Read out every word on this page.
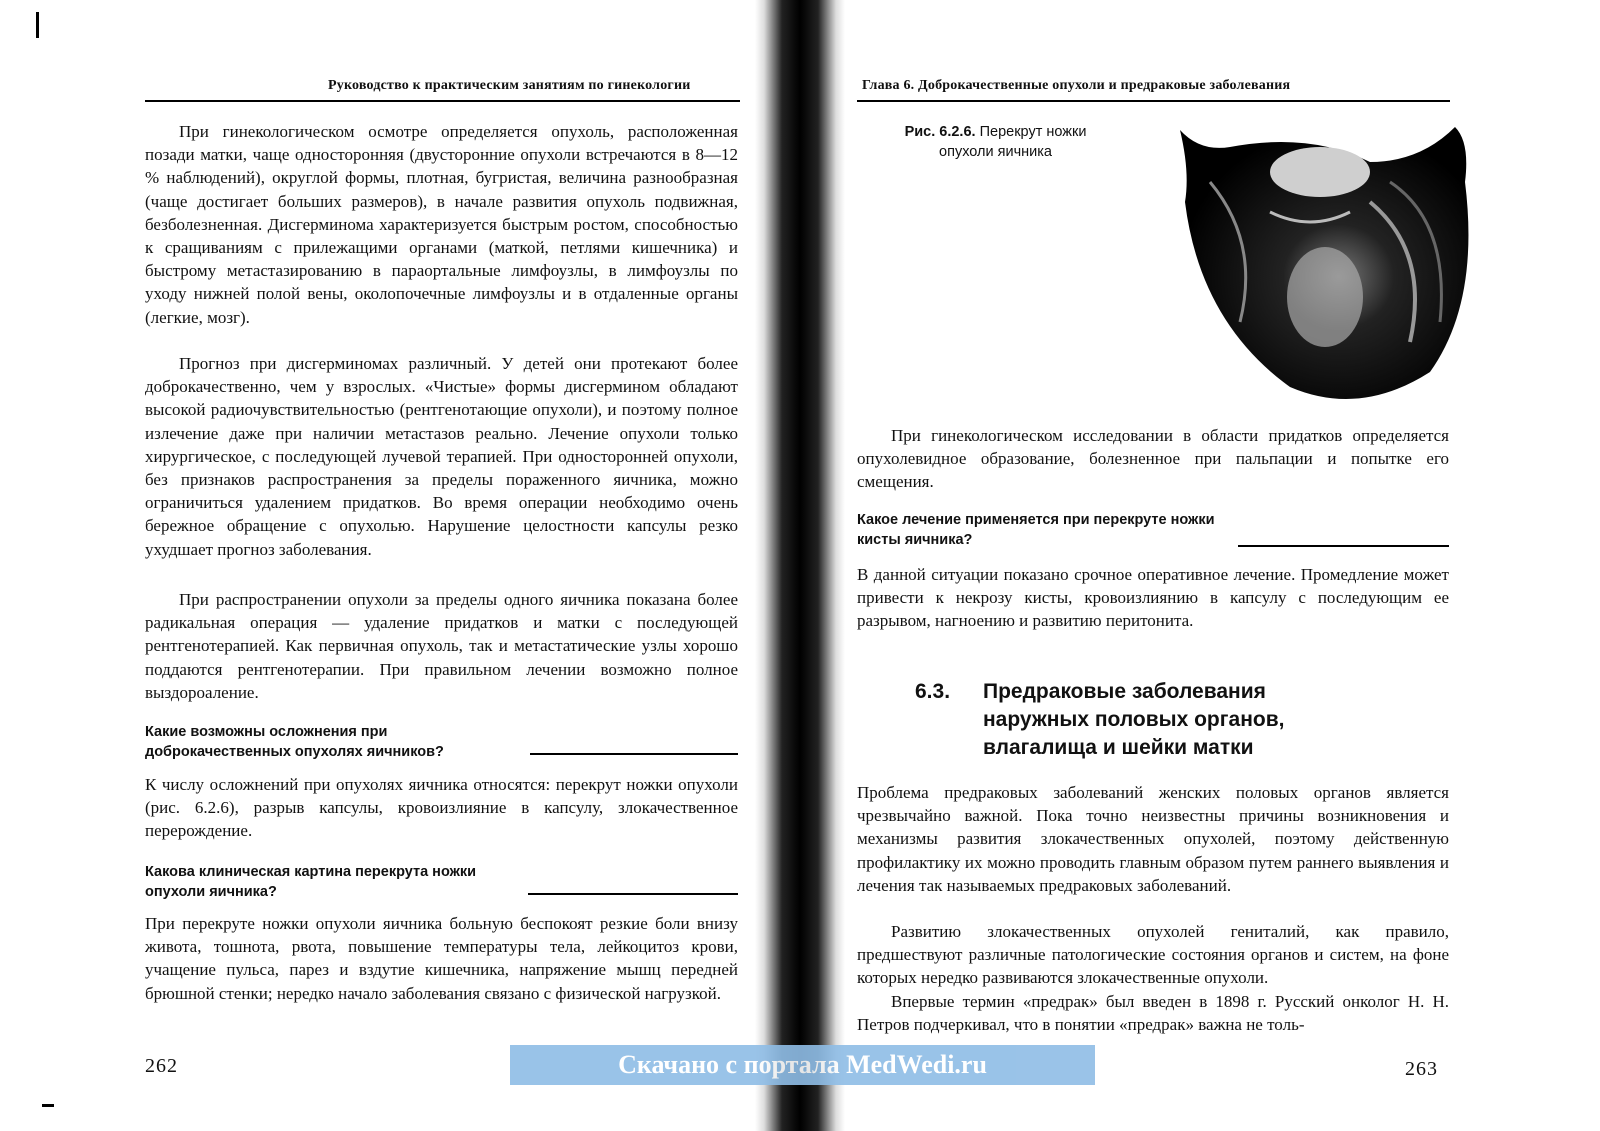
Руководство к практическим занятиям по гинекологии

При гинекологическом осмотре определяется опухоль, расположенная позади матки, чаще односторонняя (двусторонние опухоли встречаются в 8—12 % наблюдений), округлой формы, плотная, бугристая, величина разнообразная (чаще достигает больших размеров), в начале развития опухоль подвижная, безболезненная. Дисгерминома характеризуется быстрым ростом, способностью к сращиваниям с прилежащими органами (маткой, петлями кишечника) и быстрому метастазированию в параортальные лимфоузлы, в лимфоузлы по уходу нижней полой вены, околопочечные лимфоузлы и в отдаленные органы (легкие, мозг).

Прогноз при дисгерминомах различный. У детей они протекают более доброкачественно, чем у взрослых. «Чистые» формы дисгермином обладают высокой радиочувствительностью (рентгенотающие опухоли), и поэтому полное излечение даже при наличии метастазов реально. Лечение опухоли только хирургическое, с последующей лучевой терапией. При односторонней опухоли, без признаков распространения за пределы пораженного яичника, можно ограничиться удалением придатков. Во время операции необходимо очень бережное обращение с опухолью. Нарушение целостности капсулы резко ухудшает прогноз заболевания.

При распространении опухоли за пределы одного яичника показана более радикальная операция — удаление придатков и матки с последующей рентгенотерапией. Как первичная опухоль, так и метастатические узлы хорошо поддаются рентгенотерапии. При правильном лечении возможно полное выздороаление.

Какие возможны осложнения при доброкачественных опухолях яичников?

К числу осложнений при опухолях яичника относятся: перекрут ножки опухоли (рис. 6.2.6), разрыв капсулы, кровоизлияние в капсулу, злокачественное перерождение.

Какова клиническая картина перекрута ножки опухоли яичника?

При перекруте ножки опухоли яичника больную беспокоят резкие боли внизу живота, тошнота, рвота, повышение температуры тела, лейкоцитоз крови, учащение пульса, парез и вздутие кишечника, напряжение мышц передней брюшной стенки; нередко начало заболевания связано с физической нагрузкой.

262
Глава 6. Доброкачественные опухоли и предраковые заболевания
Рис. 6.2.6. Перекрут ножки опухоли яичника

При гинекологическом исследовании в области придатков определяется опухолевидное образование, болезненное при пальпации и попытке его смещения.

Какое лечение применяется при перекруте ножки кисты яичника?

В данной ситуации показано срочное оперативное лечение. Промедление может привести к некрозу кисты, кровоизлиянию в капсулу с последующим ее разрывом, нагноению и развитию перитонита.

6.3. Предраковые заболевания наружных половых органов, влагалища и шейки матки

Проблема предраковых заболеваний женских половых органов является чрезвычайно важной. Пока точно неизвестны причины возникновения и механизмы развития злокачественных опухолей, поэтому действенную профилактику их можно проводить главным образом путем раннего выявления и лечения так называемых предраковых заболеваний.

Развитию злокачественных опухолей гениталий, как правило, предшествуют различные патологические состояния органов и систем, на фоне которых нередко развиваются злокачественные опухоли.

Впервые термин «предрак» был введен в 1898 г. Русский онколог Н. Н. Петров подчеркивал, что в понятии «предрак» важна не толь-

263
Скачано с портала MedWedi.ru
